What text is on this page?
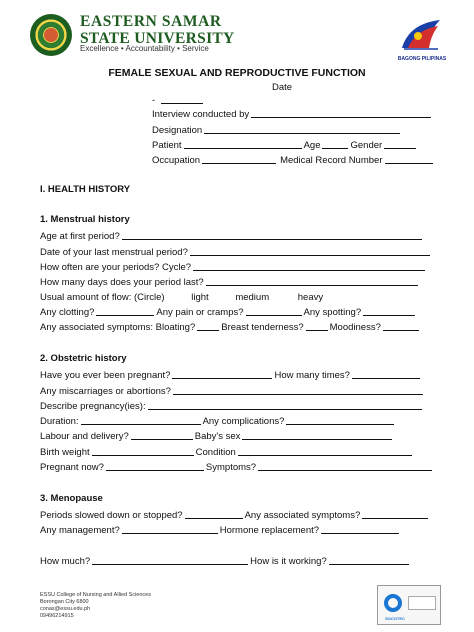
EASTERN SAMAR
STATE UNIVERSITY
Excellence • Accountability • Service
BAGONG PILIPINAS
FEMALE SEXUAL AND REPRODUCTIVE FUNCTION
Date
-
Interview conducted by
Designation
Patient	Age	Gender
Occupation	Medical Record Number
I. HEALTH HISTORY
1. Menstrual history
Age at first period?
Date of your last menstrual period?
How often are your periods? Cycle?
How many days does your period last?
Usual amount of flow: (Circle)	light	medium	heavy
Any clotting?	Any pain or cramps?	Any spotting?
Any associated symptoms: Bloating?	Breast tenderness?	Moodiness?
2. Obstetric history
Have you ever been pregnant?	How many times?
Any miscarriages or abortions?
Describe pregnancy(ies):
Duration:	Any complications?
Labour and delivery?	Baby's sex
Birth weight	Condition
Pregnant now?	Symptoms?
3. Menopause
Periods slowed down or stopped?	Any associated symptoms?
Any management?	Hormone replacement?
How much?	How is it working?
ESSU College of Nursing and Allied Sciences
Borongan City 6800
conas@essu.edu.ph
09496214915	SOCOTEC
